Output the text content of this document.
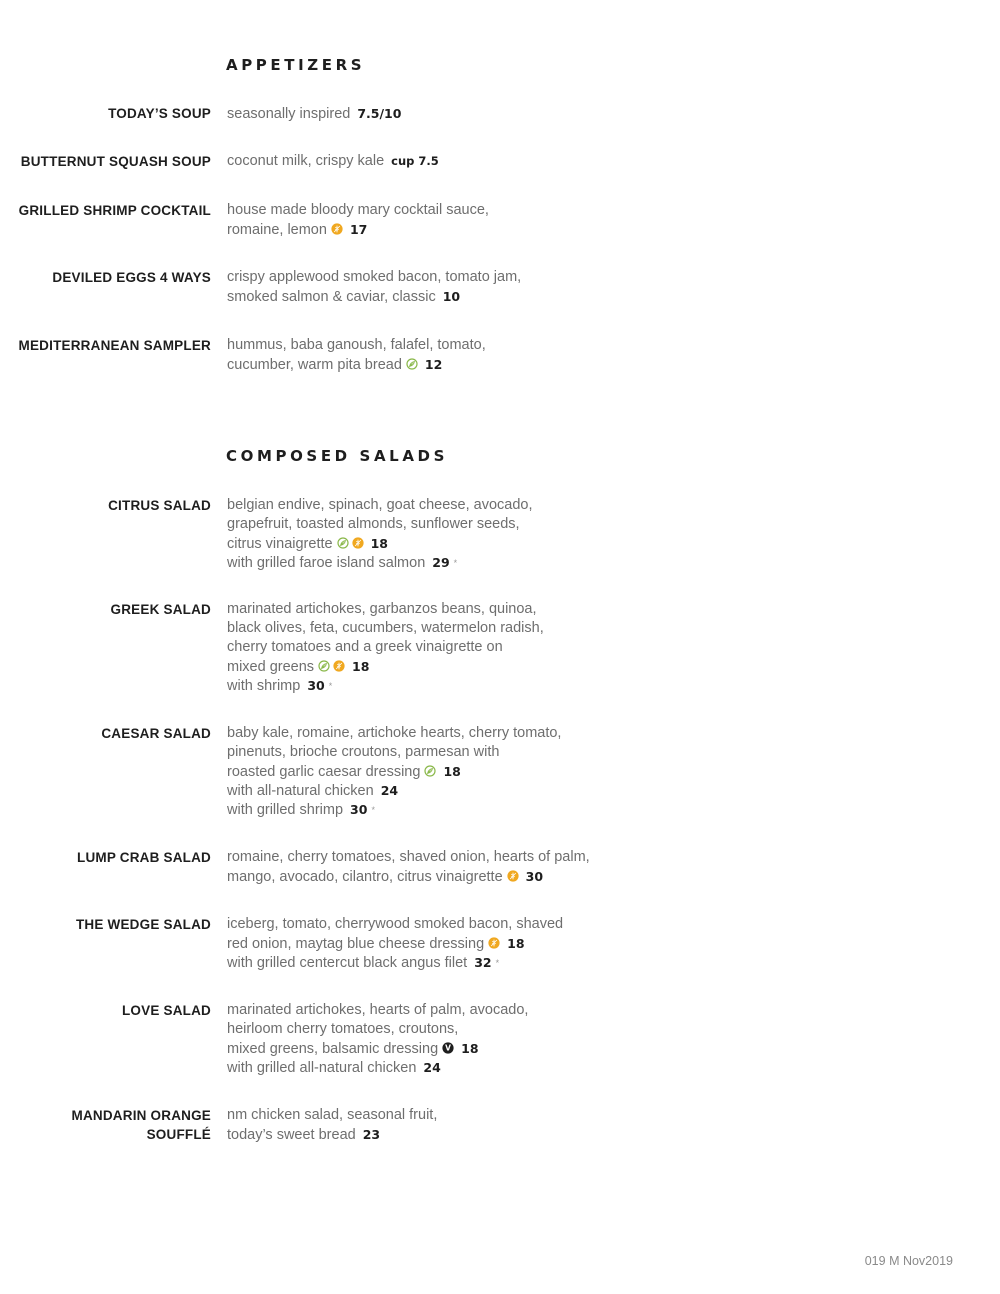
APPETIZERS
TODAY’S SOUP seasonally inspired 7.5/10
BUTTERNUT SQUASH SOUP coconut milk, crispy kale cup 7.5
GRILLED SHRIMP COCKTAIL house made bloody mary cocktail sauce,
romaine, lemon 17
DEVILED EGGS 4 WAYS crispy applewood smoked bacon, tomato jam,
smoked salmon & caviar, classic 10
MEDITERRANEAN SAMPLER hummus, baba ganoush, falafel, tomato,
cucumber, warm pita bread 12
COMPOSED SALADS
CITRUS SALAD belgian endive, spinach, goat cheese, avocado,
grapefruit, toasted almonds, sunflower seeds,
citrus vinaigrette	18
with grilled faroe island salmon 29 *
GREEK SALAD marinated artichokes, garbanzos beans, quinoa,
black olives, feta, cucumbers, watermelon radish,
cherry tomatoes and a greek vinaigrette on
mixed greens	18
with shrimp 30 *
CAESAR SALAD baby kale, romaine, artichoke hearts, cherry tomato,
pinenuts, brioche croutons, parmesan with
roasted garlic caesar dressing 18
with all-natural chicken 24
with grilled shrimp 30 *
LUMP CRAB SALAD romaine, cherry tomatoes, shaved onion, hearts of palm,
mango, avocado, cilantro, citrus vinaigrette 30
THE WEDGE SALAD iceberg, tomato, cherrywood smoked bacon, shaved
red onion, maytag blue cheese dressing 18
with grilled centercut black angus filet 32 *
LOVE SALAD marinated artichokes, hearts of palm, avocado,
heirloom cherry tomatoes, croutons,
mixed greens, balsamic dressing V 18
with grilled all-natural chicken 24
MANDARIN ORANGE
SOUFFLÉ
nm chicken salad, seasonal fruit,
today’s sweet bread 23
019 M Nov2019
